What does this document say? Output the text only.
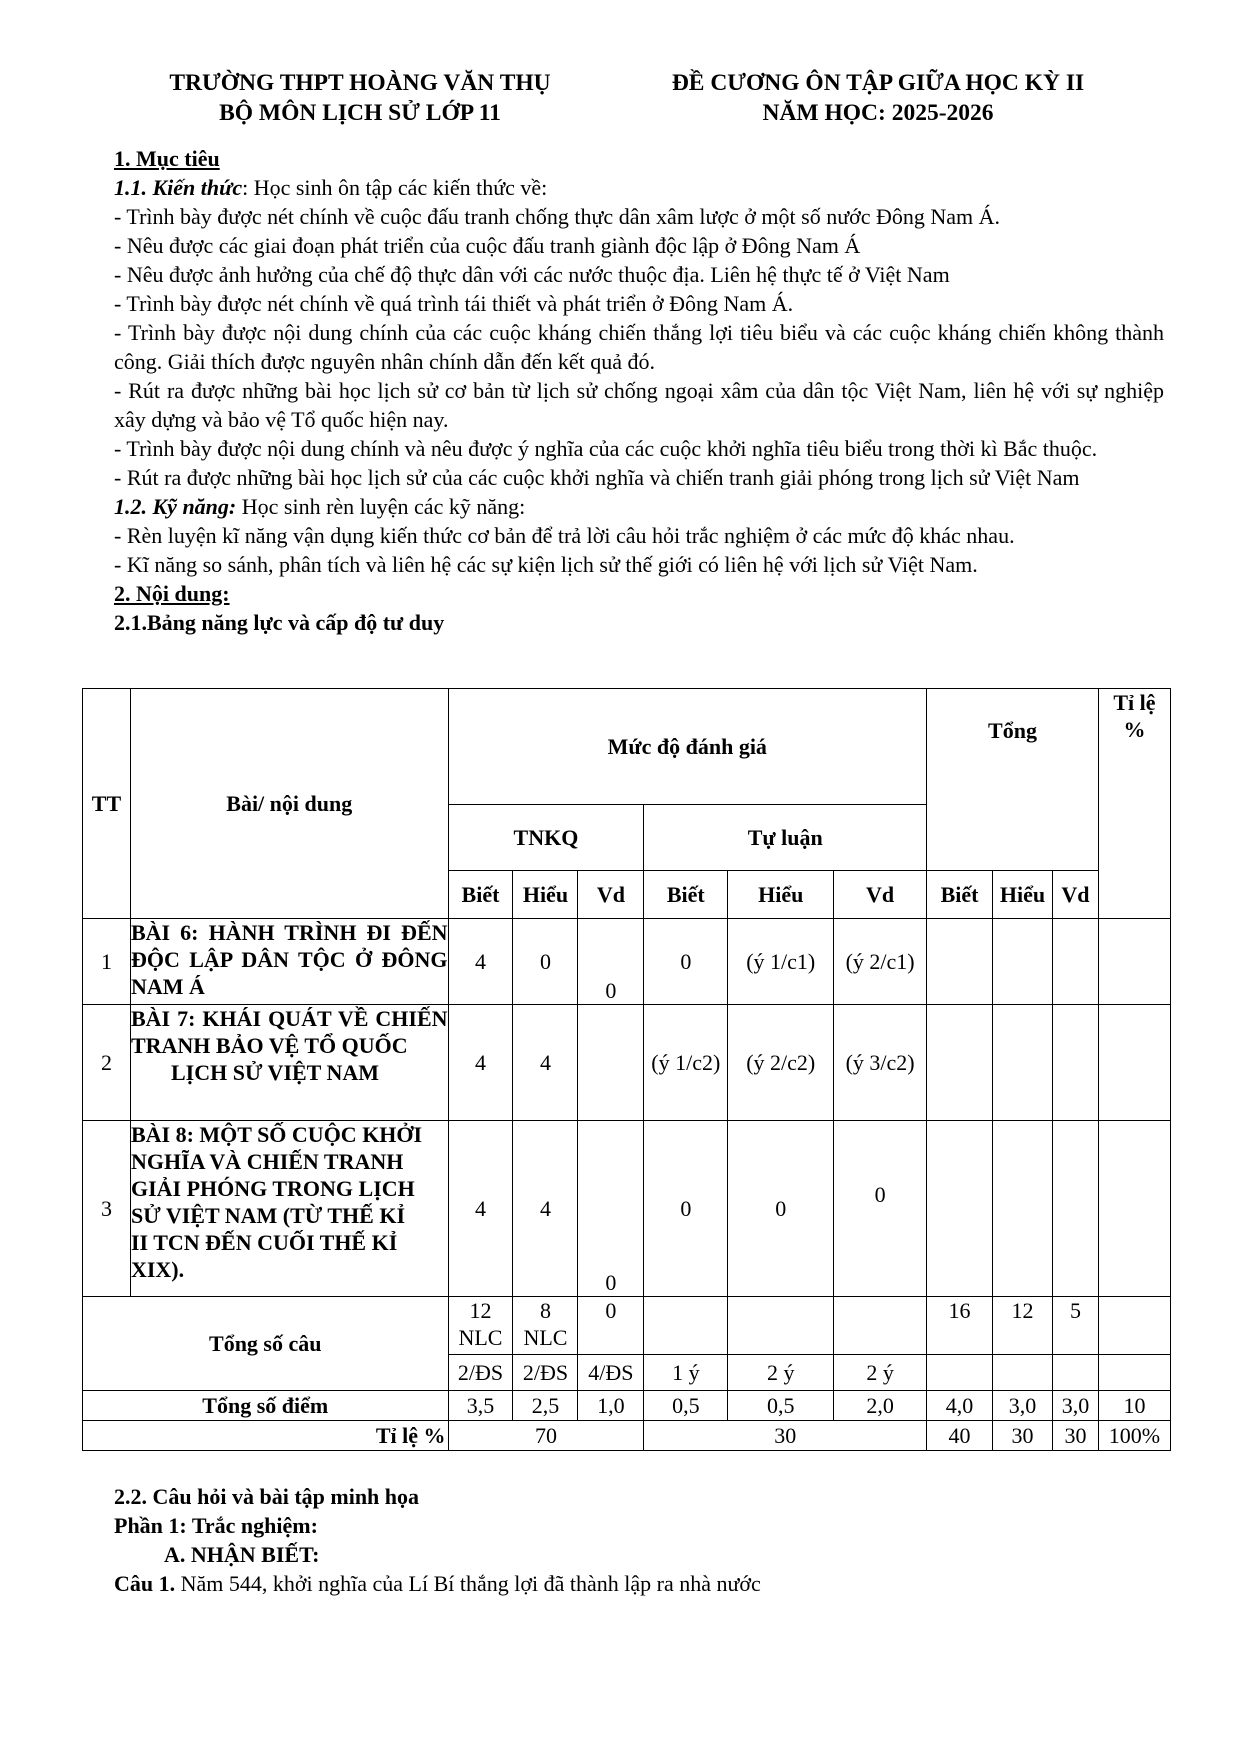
TRƯỜNG THPT HOÀNG VĂN THỤ
BỘ MÔN LỊCH SỬ LỚP 11
ĐỀ CƯƠNG ÔN TẬP GIỮA HỌC KỲ II
NĂM HỌC: 2025-2026

1. Mục tiêu

1.1. Kiến thức: Học sinh ôn tập các kiến thức về:

- Trình bày được nét chính về cuộc đấu tranh chống thực dân xâm lược ở một số nước Đông Nam Á.

- Nêu được các giai đoạn phát triển của cuộc đấu tranh giành độc lập ở Đông Nam Á

- Nêu được ảnh hưởng của chế độ thực dân với các nước thuộc địa. Liên hệ thực tế ở Việt Nam

- Trình bày được nét chính về quá trình tái thiết và phát triển ở Đông Nam Á.

- Trình bày được nội dung chính của các cuộc kháng chiến thắng lợi tiêu biểu và các cuộc kháng chiến không thành công. Giải thích được nguyên nhân chính dẫn đến kết quả đó.

- Rút ra được những bài học lịch sử cơ bản từ lịch sử chống ngoại xâm của dân tộc Việt Nam, liên hệ với sự nghiệp xây dựng và bảo vệ Tổ quốc hiện nay.

- Trình bày được nội dung chính và nêu được ý nghĩa của các cuộc khởi nghĩa tiêu biểu trong thời kì Bắc thuộc.

- Rút ra được những bài học lịch sử của các cuộc khởi nghĩa và chiến tranh giải phóng trong lịch sử Việt Nam

1.2. Kỹ năng: Học sinh rèn luyện các kỹ năng:

- Rèn luyện kĩ năng vận dụng kiến thức cơ bản để trả lời câu hỏi trắc nghiệm ở các mức độ khác nhau.

- Kĩ năng so sánh, phân tích và liên hệ các sự kiện lịch sử thế giới có liên hệ với lịch sử Việt Nam.

2. Nội dung:

2.1.Bảng năng lực và cấp độ tư duy

TT	Bài/ nội dung	Mức độ đánh giá						Tổng			Tỉ lệ %
		TNKQ			Tự luận						
		Biết	Hiểu	Vd	Biết	Hiểu	Vd	Biết	Hiểu	Vd	
1	BÀI 6: HÀNH TRÌNH ĐI ĐẾN ĐỘC LẬP DÂN TỘC Ở ĐÔNG NAM Á	4	0	0	0	(ý 1/c1)	(ý 2/c1)				
2	BÀI 7: KHÁI QUÁT VỀ CHIẾN TRANH BẢO VỆ TỔ QUỐC
LỊCH SỬ VIỆT NAM	4	4		(ý 1/c2)	(ý 2/c2)	(ý 3/c2)				
3	BÀI 8: MỘT SỐ CUỘC KHỞI NGHĨA VÀ CHIẾN TRANH GIẢI PHÓNG TRONG LỊCH SỬ VIỆT NAM (TỪ THẾ KỈ II TCN ĐẾN CUỐI THẾ KỈ XIX).	4	4	0	0	0	0				
Tổng số câu		12 NLC	8 NLC	0				16	12	5	
		2/ĐS	2/ĐS	4/ĐS	1 ý	2 ý	2 ý				
Tổng số điểm		3,5	2,5	1,0	0,5	0,5	2,0	4,0	3,0	3,0	10
Tỉ lệ %		70			30			40	30	30	100%

2.2. Câu hỏi và bài tập minh họa

Phần 1: Trắc nghiệm:

A. NHẬN BIẾT:

Câu 1. Năm 544, khởi nghĩa của Lí Bí thắng lợi đã thành lập ra nhà nước
